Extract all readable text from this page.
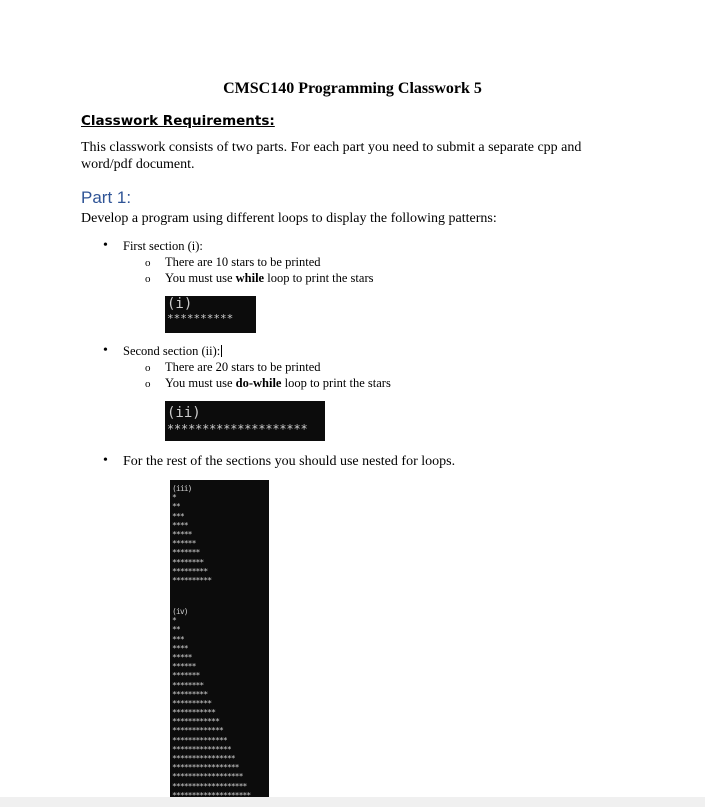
CMSC140 Programming Classwork 5
Classwork Requirements:
This classwork consists of two parts. For each part you need to submit a separate cpp and word/pdf document.
Part 1:
Develop a program using different loops to display the following patterns:
• First section (i):
o There are 10 stars to be printed
o You must use while loop to print the stars
(i)
**********
• Second section (ii):
o There are 20 stars to be printed
o You must use do-while loop to print the stars
(ii)
********************
• For the rest of the sections you should use nested for loops.
(iii)
*
**
***
****
*****
******
*******
********
*********
**********
(iv)
*
**
***
****
*****
******
*******
********
*********
**********
***********
************
*************
**************
***************
****************
*****************
******************
*******************
********************
